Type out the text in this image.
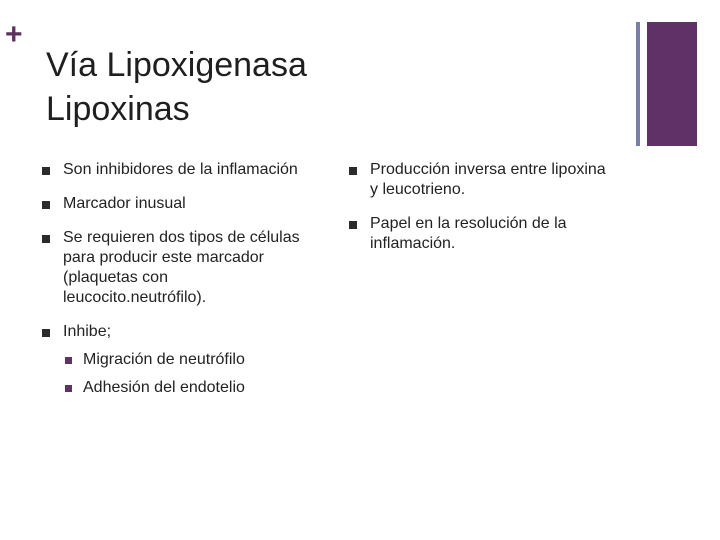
+
Vía Lipoxigenasa
Lipoxinas
Son inhibidores de la inflamación
Marcador inusual
Se requieren dos tipos de células para producir este marcador (plaquetas con leucocito.neutrófilo).
Inhibe;
Migración de neutrófilo
Adhesión del endotelio
Producción inversa entre lipoxina y leucotrieno.
Papel en la resolución de la inflamación.
